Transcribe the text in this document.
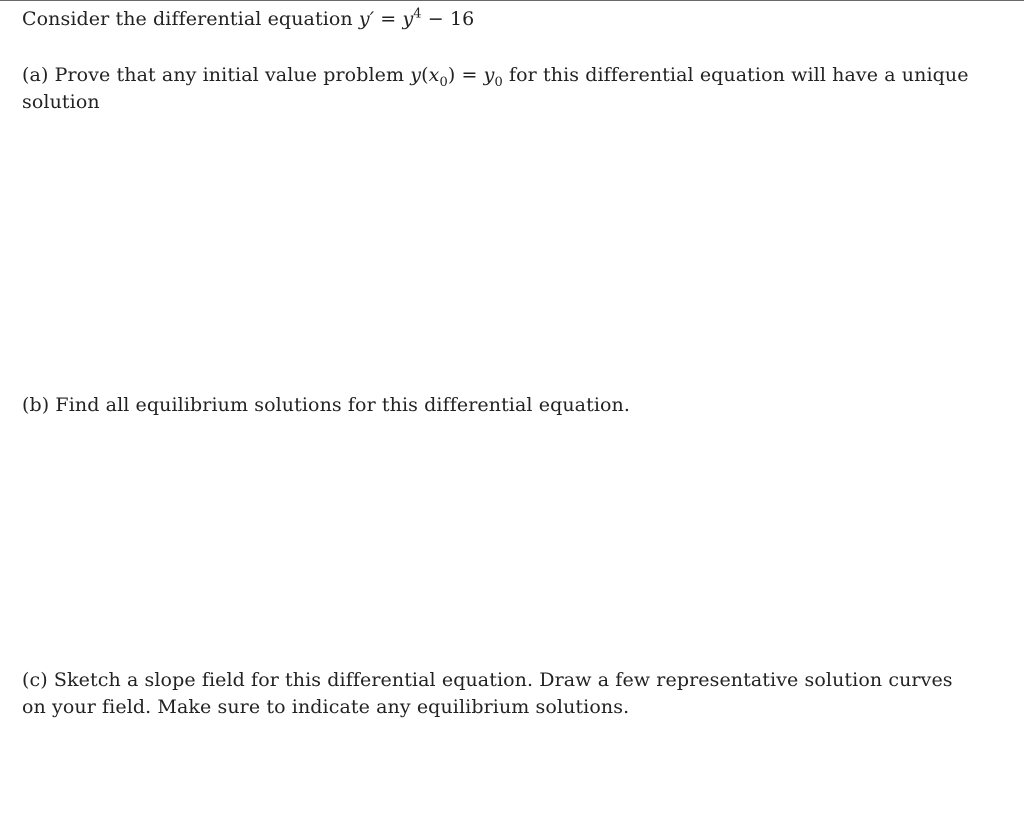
Consider the differential equation $y' = y^4 - 16$

(a) Prove that any initial value problem $y(x_0) = y_0$ for this differential equation will have a unique solution

(b) Find all equilibrium solutions for this differential equation.

(c) Sketch a slope field for this differential equation. Draw a few representative solution curves on your field. Make sure to indicate any equilibrium solutions.
